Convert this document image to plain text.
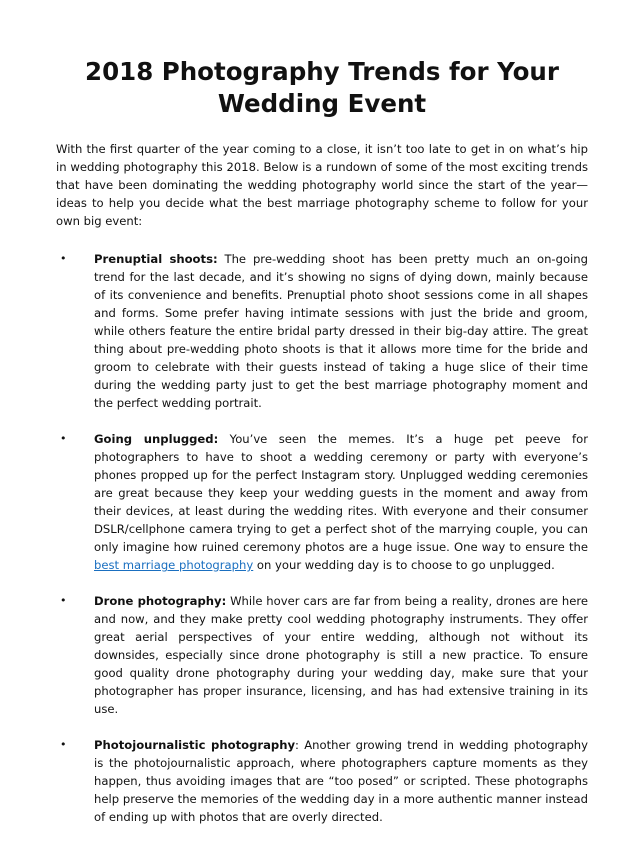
2018 Photography Trends for Your Wedding Event

With the first quarter of the year coming to a close, it isn’t too late to get in on what’s hip in wedding photography this 2018. Below is a rundown of some of the most exciting trends that have been dominating the wedding photography world since the start of the year—ideas to help you decide what the best marriage photography scheme to follow for your own big event:

• Prenuptial shoots: The pre-wedding shoot has been pretty much an on-going trend for the last decade, and it’s showing no signs of dying down, mainly because of its convenience and benefits. Prenuptial photo shoot sessions come in all shapes and forms. Some prefer having intimate sessions with just the bride and groom, while others feature the entire bridal party dressed in their big-day attire. The great thing about pre-wedding photo shoots is that it allows more time for the bride and groom to celebrate with their guests instead of taking a huge slice of their time during the wedding party just to get the best marriage photography moment and the perfect wedding portrait.
• Going unplugged: You’ve seen the memes. It’s a huge pet peeve for photographers to have to shoot a wedding ceremony or party with everyone’s phones propped up for the perfect Instagram story. Unplugged wedding ceremonies are great because they keep your wedding guests in the moment and away from their devices, at least during the wedding rites. With everyone and their consumer DSLR/cellphone camera trying to get a perfect shot of the marrying couple, you can only imagine how ruined ceremony photos are a huge issue. One way to ensure the best marriage photography on your wedding day is to choose to go unplugged.
• Drone photography: While hover cars are far from being a reality, drones are here and now, and they make pretty cool wedding photography instruments. They offer great aerial perspectives of your entire wedding, although not without its downsides, especially since drone photography is still a new practice. To ensure good quality drone photography during your wedding day, make sure that your photographer has proper insurance, licensing, and has had extensive training in its use.
• Photojournalistic photography: Another growing trend in wedding photography is the photojournalistic approach, where photographers capture moments as they happen, thus avoiding images that are “too posed” or scripted. These photographs help preserve the memories of the wedding day in a more authentic manner instead of ending up with photos that are overly directed.
